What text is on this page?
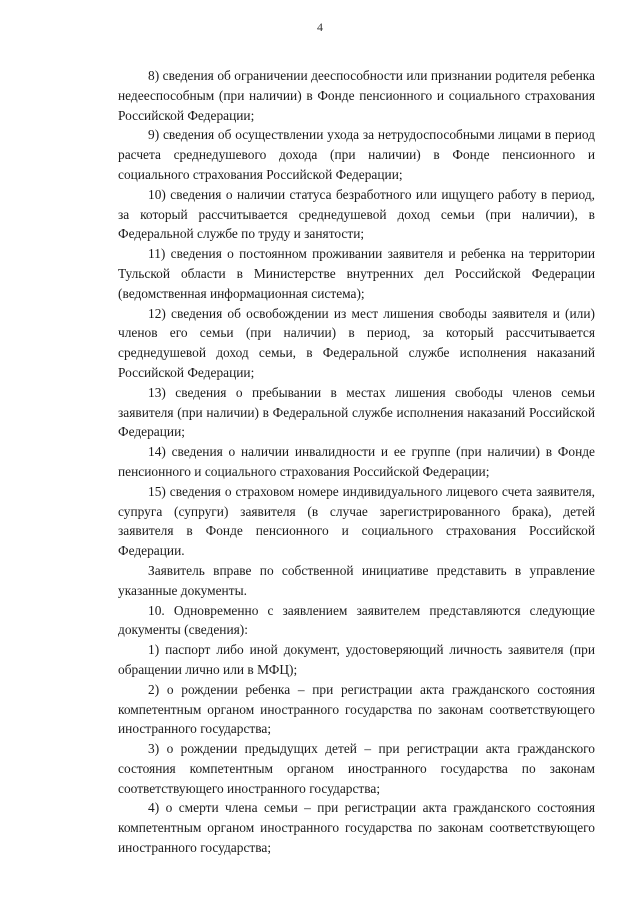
4

8) сведения об ограничении дееспособности или признании родителя ребенка недееспособным (при наличии) в Фонде пенсионного и социального страхования Российской Федерации;

9) сведения об осуществлении ухода за нетрудоспособными лицами в период расчета среднедушевого дохода (при наличии) в Фонде пенсионного и социального страхования Российской Федерации;

10) сведения о наличии статуса безработного или ищущего работу в период, за который рассчитывается среднедушевой доход семьи (при наличии), в Федеральной службе по труду и занятости;

11) сведения о постоянном проживании заявителя и ребенка на территории Тульской области в Министерстве внутренних дел Российской Федерации (ведомственная информационная система);

12) сведения об освобождении из мест лишения свободы заявителя и (или) членов его семьи (при наличии) в период, за который рассчитывается среднедушевой доход семьи, в Федеральной службе исполнения наказаний Российской Федерации;

13) сведения о пребывании в местах лишения свободы членов семьи заявителя (при наличии) в Федеральной службе исполнения наказаний Российской Федерации;

14) сведения о наличии инвалидности и ее группе (при наличии) в Фонде пенсионного и социального страхования Российской Федерации;

15) сведения о страховом номере индивидуального лицевого счета заявителя, супруга (супруги) заявителя (в случае зарегистрированного брака), детей заявителя в Фонде пенсионного и социального страхования Российской Федерации.

Заявитель вправе по собственной инициативе представить в управление указанные документы.

10. Одновременно с заявлением заявителем представляются следующие документы (сведения):

1) паспорт либо иной документ, удостоверяющий личность заявителя (при обращении лично или в МФЦ);

2) о рождении ребенка – при регистрации акта гражданского состояния компетентным органом иностранного государства по законам соответствующего иностранного государства;

3) о рождении предыдущих детей – при регистрации акта гражданского состояния компетентным органом иностранного государства по законам соответствующего иностранного государства;

4) о смерти члена семьи – при регистрации акта гражданского состояния компетентным органом иностранного государства по законам соответствующего иностранного государства;
